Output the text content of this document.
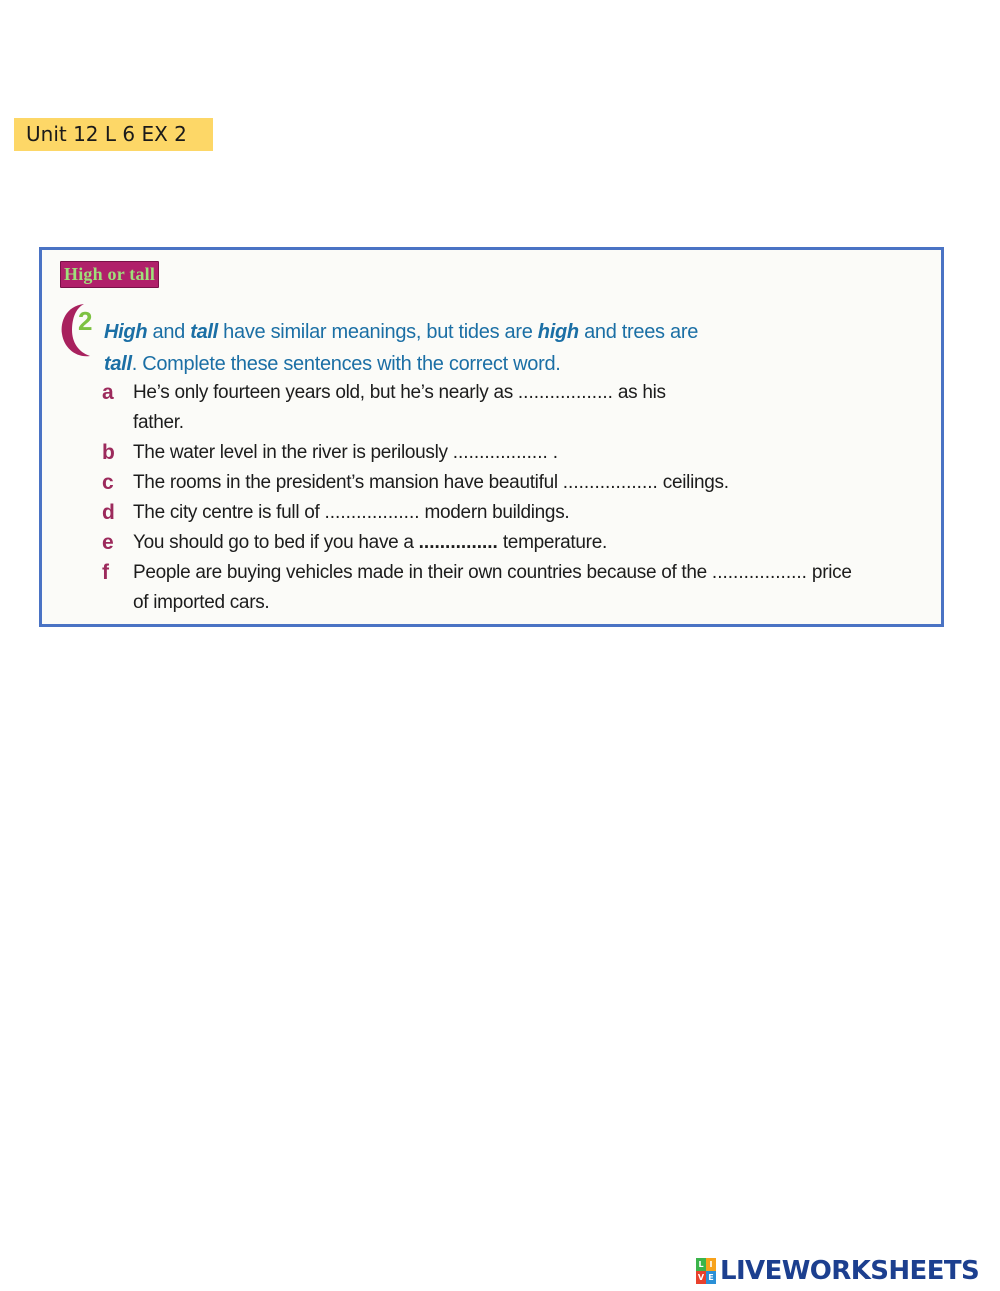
Unit 12 L 6 EX 2
High or tall
2 High and tall have similar meanings, but tides are high and trees are
tall. Complete these sentences with the correct word.
a He’s only fourteen years old, but he’s nearly as .................. as his
father.
b The water level in the river is perilously .................. .
c The rooms in the president’s mansion have beautiful .................. ceilings.
d The city centre is full of .................. modern buildings.
e You should go to bed if you have a ............... temperature.
f People are buying vehicles made in their own countries because of the .................. price
of imported cars.
L I
V E LIVEWORKSHEETS
